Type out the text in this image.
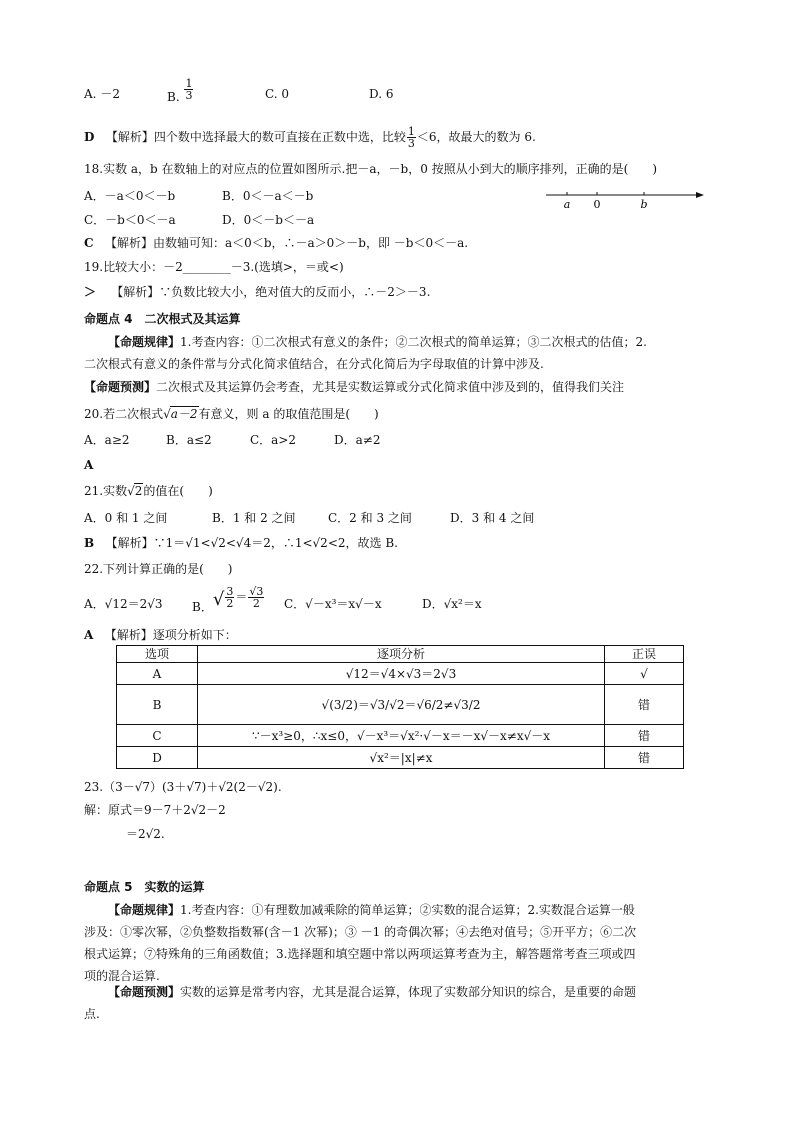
A. －2	B. $\frac{1}{3}$	C. 0	D. 6
D 【解析】四个数中选择最大的数可直接在正数中选，比较 $\frac{1}{3} <6$，故最大的数为 6.
18.实数 a，b 在数轴上的对应点的位置如图所示.把－a，－b，0 按照从小到大的顺序排列，正确的是(　　)
A．－a＜0＜－b	B．0＜－a＜－b
C．－b＜0＜－a	D．0＜－b＜－a
a 0	b
C 【解析】由数轴可知：a＜0＜b，∴－a＞0＞－b，即 －b＜0＜－a.
19.比较大小：－2________－3.(选填>，＝或<)
＞ 【解析】∵负数比较大小，绝对值大的反而小，∴－2＞－3.
命题点 4　二次根式及其运算
【命题规律】1.考查内容：①二次根式有意义的条件；②二次根式的简单运算；③二次根式的估值；2.
二次根式有意义的条件常与分式化简求值结合，在分式化简后为字母取值的计算中涉及.
【命题预测】二次根式及其运算仍会考查，尤其是实数运算或分式化简求值中涉及到的，值得我们关注
20.若二次根式√a－2有意义，则 a 的取值范围是(　　)
A．a≥2	B．a≤2	C．a>2	D．a≠2
A
21.实数√2的值在(　　)
A．0 和 1 之间	B．1 和 2 之间	C．2 和 3 之间	D．3 和 4 之间
B 【解析】∵1＝√1<√2<√4＝2，∴1<√2<2，故选 B.
22.下列计算正确的是(　　)
A．√12＝2√3 B．√ $\frac{3}{2} = \frac{√3}{2}$ C．√－x³＝x√－x	D．√x²＝x
A 【解析】逐项分析如下：
选项	逐项分析	正误
A	√12＝√4×√3＝2√3	√
B	√(3/2)＝√3/√2＝√6/2≠√3/2	错
C	∵－x³≥0，∴x≤0，√－x³＝√x²·√－x＝－x√－x≠x√－x	错
D	√x²＝|x|≠x	错
23.（3－√7）(3＋√7)＋√2(2－√2).
解：原式＝9－7＋2√2－2
＝2√2.
命题点 5　实数的运算
【命题规律】1.考查内容：①有理数加减乘除的简单运算；②实数的混合运算；2.实数混合运算一般
涉及：①零次幂，②负整数指数幂(含－1 次幂)；③ －1 的奇偶次幂；④去绝对值号；⑤开平方；⑥二次
根式运算；⑦特殊角的三角函数值；3.选择题和填空题中常以两项运算考查为主，解答题常考查三项或四
项的混合运算.
【命题预测】实数的运算是常考内容，尤其是混合运算，体现了实数部分知识的综合，是重要的命题
点.
